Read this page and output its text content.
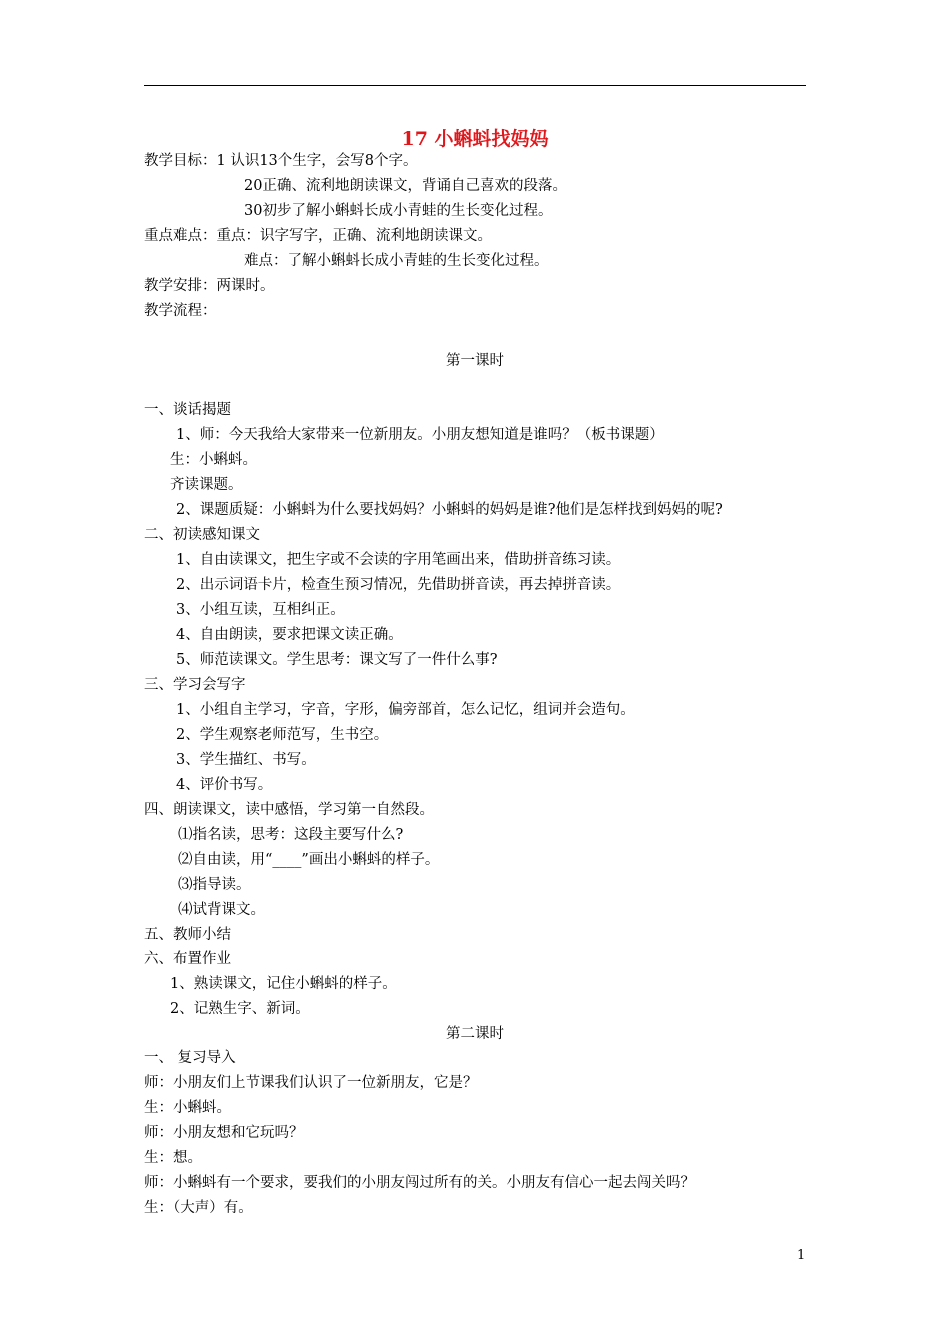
17 小蝌蚪找妈妈
教学目标：1 认识13个生字，会写8个字。
20正确、流利地朗读课文，背诵自己喜欢的段落。
30初步了解小蝌蚪长成小青蛙的生长变化过程。
重点难点：重点：识字写字，正确、流利地朗读课文。
难点：了解小蝌蚪长成小青蛙的生长变化过程。
教学安排：两课时。
教学流程：
第一课时
一、谈话揭题
1、师：今天我给大家带来一位新朋友。小朋友想知道是谁吗？（板书课题）
生：小蝌蚪。
齐读课题。
2、课题质疑：小蝌蚪为什么要找妈妈？小蝌蚪的妈妈是谁?他们是怎样找到妈妈的呢?
二、初读感知课文
1、自由读课文，把生字或不会读的字用笔画出来，借助拼音练习读。
2、出示词语卡片，检查生预习情况，先借助拼音读，再去掉拼音读。
3、小组互读，互相纠正。
4、自由朗读，要求把课文读正确。
5、师范读课文。学生思考：课文写了一件什么事?
三、学习会写字
1、小组自主学习，字音，字形，偏旁部首，怎么记忆，组词并会造句。
2、学生观察老师范写，生书空。
3、学生描红、书写。
4、评价书写。
四、朗读课文，读中感悟，学习第一自然段。
⑴指名读，思考：这段主要写什么?
⑵自由读，用“____”画出小蝌蚪的样子。
⑶指导读。
⑷试背课文。
五、教师小结
六、布置作业
1、熟读课文，记住小蝌蚪的样子。
2、记熟生字、新词。
第二课时
一、 复习导入
师：小朋友们上节课我们认识了一位新朋友，它是？
生：小蝌蚪。
师：小朋友想和它玩吗？
生：想。
师：小蝌蚪有一个要求，要我们的小朋友闯过所有的关。小朋友有信心一起去闯关吗？
生：（大声）有。
1
